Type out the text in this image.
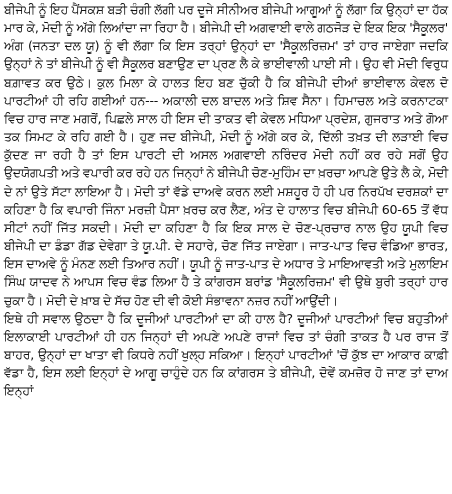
ਬੀਜੇਪੀ ਨੂੰ ਇਹ ਪੈਂਸਕਸ਼ ਬੜੀ ਚੰਗੀ ਲੱਗੀ ਪਰ ਦੂਜੇ ਸੀਨੀਅਰ ਬੀਜੇਪੀ ਆਗੂਆਂ ਨੂੰ ਲੱਗਾ ਕਿ ਉਨ੍ਹਾਂ ਦਾ ਹੱਕ ਮਾਰ ਕੇ, ਮੋਦੀ ਨੂੰ ਅੱਗੇ ਲਿਆਂਦਾ ਜਾ ਰਿਹਾ ਹੈ। ਬੀਜੇਪੀ ਦੀ ਅਗਵਾਈ ਵਾਲੇ ਗਠਜੋੜ ਦੇ ਇਕ ਇਕ 'ਸੈਕੂਲਰ' ਅੰਗ (ਜਨਤਾ ਦਲ ਯੂ) ਨੂੰ ਵੀ ਲੱਗਾ ਕਿ ਇਸ ਤਰ੍ਹਾਂ ਉਨ੍ਹਾਂ ਦਾ 'ਸੈਕੂਲਰਿਜ਼ਮ' ਤਾਂ ਹਾਰ ਜਾਏਗਾ ਜਦਕਿ ਉਨ੍ਹਾਂ ਨੇ ਤਾਂ ਬੀਜੇਪੀ ਨੂੰ ਵੀ ਸੈਕੂਲਰ ਬਣਾਉਣ ਦਾ ਪ੍ਰਣ ਲੈ ਕੇ ਭਾਈਵਾਲੀ ਪਾਈ ਸੀ। ਉਹ ਵੀ ਮੋਦੀ ਵਿਰੁਧ ਬਗ਼ਾਵਤ ਕਰ ਉਠੇ। ਕੁਲ ਮਿਲਾ ਕੇ ਹਾਲਤ ਇਹ ਬਣ ਚੁੱਕੀ ਹੈ ਕਿ ਬੀਜੇਪੀ ਦੀਆਂ ਭਾਈਵਾਲ ਕੇਵਲ ਦੋ ਪਾਰਟੀਆਂ ਹੀ ਰਹਿ ਗਈਆਂ ਹਨ--- ਅਕਾਲੀ ਦਲ ਬਾਦਲ ਅਤੇ ਸ਼ਿਵ ਸੈਨਾ। ਹਿਮਾਚਲ ਅਤੇ ਕਰਨਾਟਕਾ ਵਿਚ ਹਾਰ ਜਾਣ ਮਗਰੋਂ, ਪਿਛਲੇ ਸਾਲ ਹੀ ਇਸ ਦੀ ਤਾਕਤ ਵੀ ਕੇਵਲ ਮਧਿਆ ਪ੍ਰਦੇਸ਼, ਗੁਜਰਾਤ ਅਤੇ ਗੋਆ ਤਕ ਸਿਮਟ ਕੇ ਰਹਿ ਗਈ ਹੈ। ਹੁਣ ਜਦ ਬੀਜੇਪੀ, ਮੋਦੀ ਨੂੰ ਅੱਗੇ ਕਰ ਕੇ, ਦਿੱਲੀ ਤਖ਼ਤ ਦੀ ਲੜਾਈ ਵਿਚ ਕੁੱਦਣ ਜਾ ਰਹੀ ਹੈ ਤਾਂ ਇਸ ਪਾਰਟੀ ਦੀ ਅਸਲ ਅਗਵਾਈ ਨਰਿੰਦਰ ਮੋਦੀ ਨਹੀਂ ਕਰ ਰਹੇ ਸਗੋਂ ਉਹ ਉਦਯੋਗਪਤੀ ਅਤੇ ਵਪਾਰੀ ਕਰ ਰਹੇ ਹਨ ਜਿਨ੍ਹਾਂ ਨੇ ਬੀਜੇਪੀ ਚੋਣ-ਮੁਹਿੰਮ ਦਾ ਖ਼ਰਚਾ ਆਪਣੇ ਉਤੇ ਲੈ ਕੇ, ਮੋਦੀ ਦੇ ਨਾਂ ਉਤੇ ਸੱਟਾ ਲਾਇਆ ਹੈ। ਮੋਦੀ ਤਾਂ ਵੱਡੇ ਦਾਅਵੇ ਕਰਨ ਲਈ ਮਸ਼ਹੂਰ ਹੋ ਹੀ ਪਰ ਨਿਰਪੱਖ ਦਰਸ਼ਕਾਂ ਦਾ ਕਹਿਣਾ ਹੈ ਕਿ ਵਪਾਰੀ ਜਿੰਨਾ ਮਰਜ਼ੀ ਪੈਸਾ ਖ਼ਰਚ ਕਰ ਲੈਣ, ਅੰਤ ਦੇ ਹਾਲਾਤ ਵਿਚ ਬੀਜੇਪੀ 60-65 ਤੋਂ ਵੱਧ ਸੀਟਾਂ ਨਹੀਂ ਜਿੱਤ ਸਕਦੀ। ਮੋਦੀ ਦਾ ਕਹਿਣਾ ਹੈ ਕਿ ਇਕ ਸਾਲ ਦੇ ਚੋਣ-ਪ੍ਰਚਾਰ ਨਾਲ ਉਹ ਯੂਪੀ ਵਿਚ ਬੀਜੇਪੀ ਦਾ ਡੰਡਾ ਗੱਡ ਦੇਵੇਗਾ ਤੇ ਯੂ.ਪੀ. ਦੇ ਸਹਾਰੇ, ਚੋਣ ਜਿੱਤ ਜਾਏਗਾ। ਜਾਤ-ਪਾਤ ਵਿਚ ਵੰਡਿਆ ਭਾਰਤ, ਇਸ ਦਾਅਵੇ ਨੂੰ ਮੰਨਣ ਲਈ ਤਿਆਰ ਨਹੀਂ। ਯੂਪੀ ਨੂੰ ਜਾਤ-ਪਾਤ ਦੇ ਅਧਾਰ ਤੇ ਮਾਇਆਵਤੀ ਅਤੇ ਮੁਲਾਇਮ ਸਿੰਘ ਯਾਦਵ ਨੇ ਆਪਸ ਵਿਚ ਵੰਡ ਲਿਆ ਹੈ ਤੇ ਕਾਂਗਰਸ ਬਰਾਂਡ 'ਸੈਕੂਲਰਿਜ਼ਮ' ਵੀ ਉਥੇ ਬੁਰੀ ਤਰ੍ਹਾਂ ਹਾਰ ਚੁਕਾ ਹੈ। ਮੋਦੀ ਦੇ ਖ਼ਾਬ ਦੇ ਸੱਚ ਹੋਣ ਦੀ ਵੀ ਕੋਈ ਸੰਭਾਵਨਾ ਨਜ਼ਰ ਨਹੀਂ ਆਉਂਦੀ।

ਇਥੇ ਹੀ ਸਵਾਲ ਉਠਦਾ ਹੈ ਕਿ ਦੂਜੀਆਂ ਪਾਰਟੀਆਂ ਦਾ ਕੀ ਹਾਲ ਹੈ? ਦੂਜੀਆਂ ਪਾਰਟੀਆਂ ਵਿਚ ਬਹੁਤੀਆਂ ਇਲਾਕਾਈ ਪਾਰਟੀਆਂ ਹੀ ਹਨ ਜਿਨ੍ਹਾਂ ਦੀ ਅਪਣੇ ਅਪਣੇ ਰਾਜਾਂ ਵਿਚ ਤਾਂ ਚੰਗੀ ਤਾਕਤ ਹੈ ਪਰ ਰਾਜ ਤੋਂ ਬਾਹਰ, ਉਨ੍ਹਾਂ ਦਾ ਖਾਤਾ ਵੀ ਕਿਧਰੇ ਨਹੀਂ ਖੁਲ੍ਹ ਸਕਿਆ। ਇਨ੍ਹਾਂ ਪਾਰਟੀਆਂ 'ਚੋਂ ਕੁੱਝ ਦਾ ਆਕਾਰ ਕਾਫ਼ੀ ਵੱਡਾ ਹੈ, ਇਸ ਲਈ ਇਨ੍ਹਾਂ ਦੇ ਆਗੂ ਚਾਹੁੰਦੇ ਹਨ ਕਿ ਕਾਂਗਰਸ ਤੇ ਬੀਜੇਪੀ, ਦੋਵੇਂ ਕਮਜ਼ੋਰ ਹੋ ਜਾਣ ਤਾਂ ਦਾਅ ਇਨ੍ਹਾਂ
